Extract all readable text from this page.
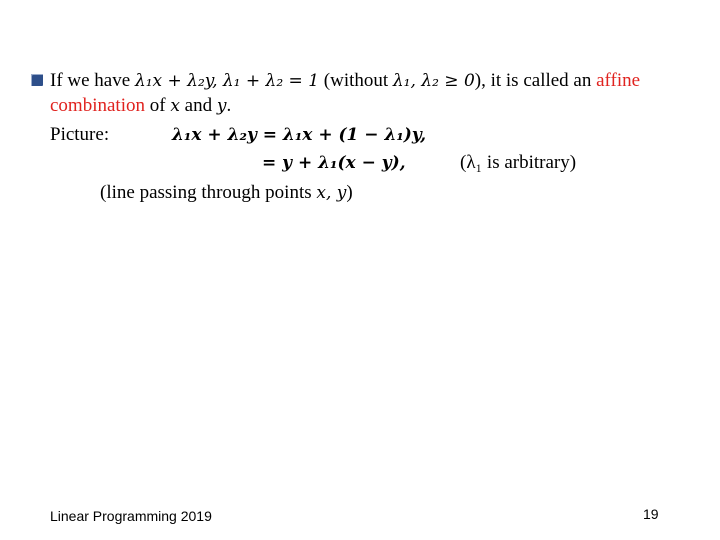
If we have λ₁x + λ₂y, λ₁ + λ₂ = 1 (without λ₁, λ₂ ≥ 0), it is called an affine
combination of x and y.
Picture:	λ₁x + λ₂y = λ₁x + (1 − λ₁)y,
= y + λ₁(x − y),	(λ₁ is arbitrary)
(line passing through points x, y)
Linear Programming 2019	19
